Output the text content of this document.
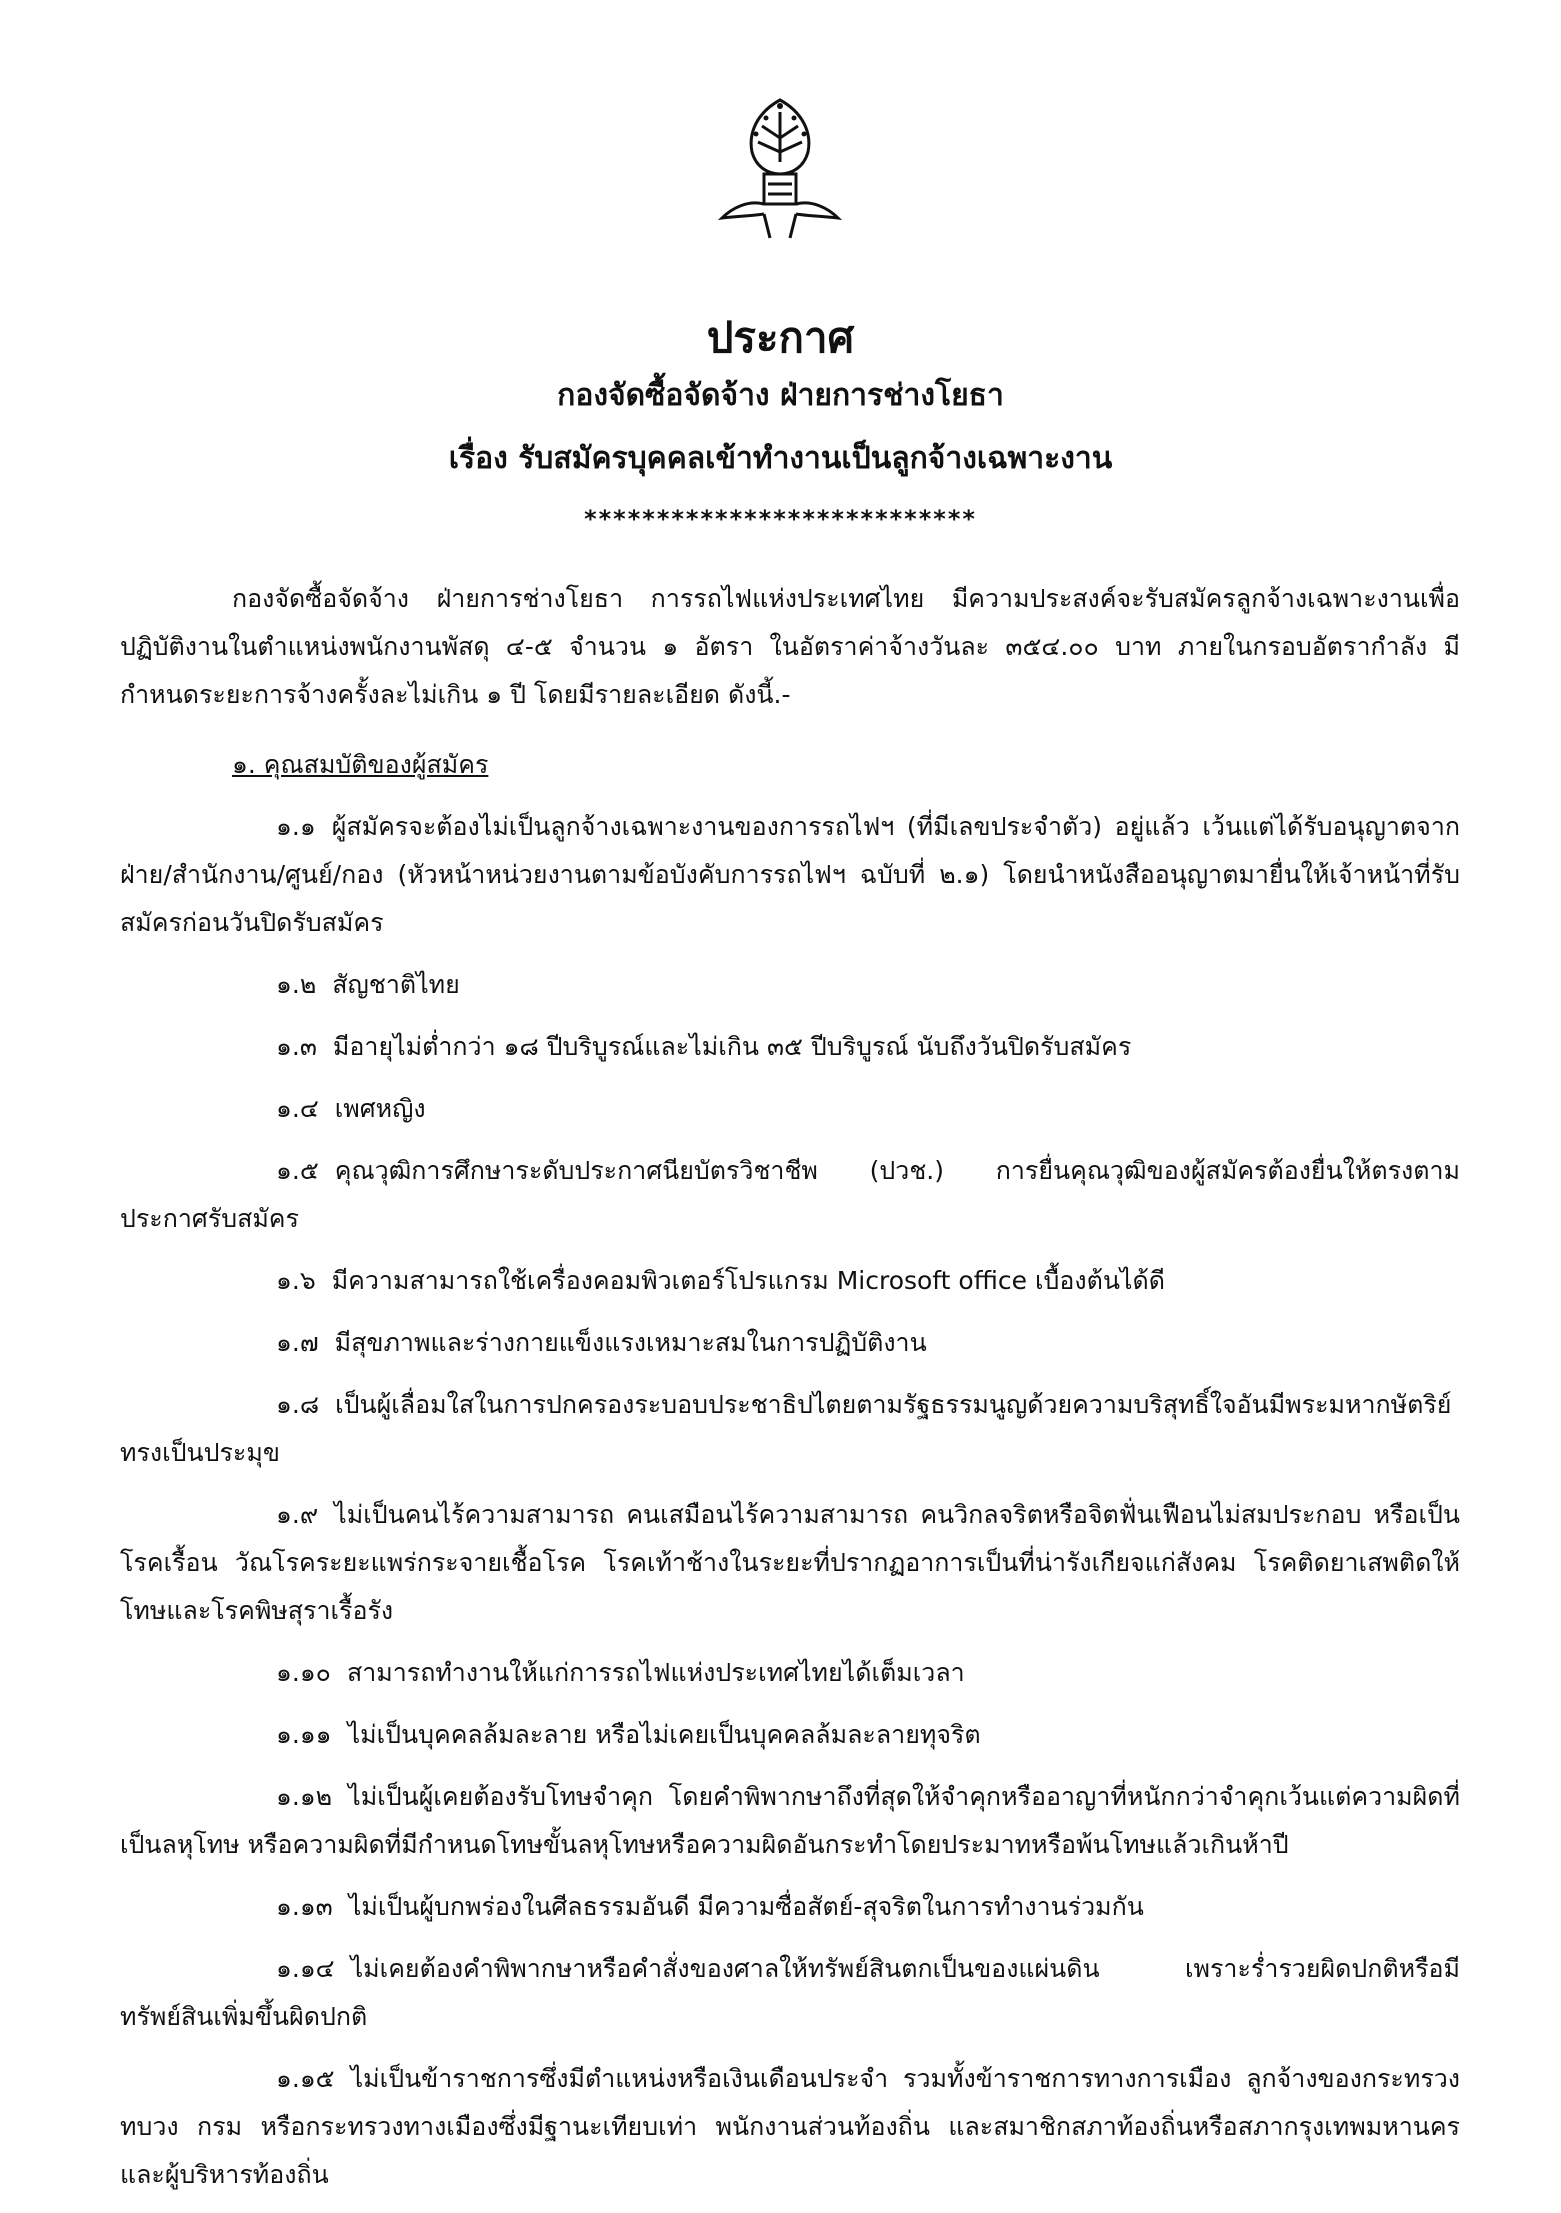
ประกาศ
กองจัดซื้อจัดจ้าง ฝ่ายการช่างโยธา
เรื่อง รับสมัครบุคคลเข้าทำงานเป็นลูกจ้างเฉพาะงาน
***************************

กองจัดซื้อจัดจ้าง ฝ่ายการช่างโยธา การรถไฟแห่งประเทศไทย มีความประสงค์จะรับสมัครลูกจ้างเฉพาะงานเพื่อปฏิบัติงานในตำแหน่งพนักงานพัสดุ ๔-๕ จำนวน ๑ อัตรา ในอัตราค่าจ้างวันละ ๓๕๔.๐๐ บาท ภายในกรอบอัตรากำลัง มีกำหนดระยะการจ้างครั้งละไม่เกิน ๑ ปี โดยมีรายละเอียด ดังนี้.-

๑. คุณสมบัติของผู้สมัคร
๑.๑ ผู้สมัครจะต้องไม่เป็นลูกจ้างเฉพาะงานของการรถไฟฯ (ที่มีเลขประจำตัว) อยู่แล้ว เว้นแต่ได้รับอนุญาตจากฝ่าย/สำนักงาน/ศูนย์/กอง (หัวหน้าหน่วยงานตามข้อบังคับการรถไฟฯ ฉบับที่ ๒.๑) โดยนำหนังสืออนุญาตมายื่นให้เจ้าหน้าที่รับสมัครก่อนวันปิดรับสมัคร
๑.๒ สัญชาติไทย
๑.๓ มีอายุไม่ต่ำกว่า ๑๘ ปีบริบูรณ์และไม่เกิน ๓๕ ปีบริบูรณ์ นับถึงวันปิดรับสมัคร
๑.๔ เพศหญิง
๑.๕ คุณวุฒิการศึกษาระดับประกาศนียบัตรวิชาชีพ (ปวช.) การยื่นคุณวุฒิของผู้สมัครต้องยื่นให้ตรงตามประกาศรับสมัคร
๑.๖ มีความสามารถใช้เครื่องคอมพิวเตอร์โปรแกรม Microsoft office เบื้องต้นได้ดี
๑.๗ มีสุขภาพและร่างกายแข็งแรงเหมาะสมในการปฏิบัติงาน
๑.๘ เป็นผู้เลื่อมใสในการปกครองระบอบประชาธิปไตยตามรัฐธรรมนูญด้วยความบริสุทธิ์ใจอันมีพระมหากษัตริย์ทรงเป็นประมุข
๑.๙ ไม่เป็นคนไร้ความสามารถ คนเสมือนไร้ความสามารถ คนวิกลจริตหรือจิตฟั่นเฟือนไม่สมประกอบ หรือเป็นโรคเรื้อน วัณโรคระยะแพร่กระจายเชื้อโรค โรคเท้าช้างในระยะที่ปรากฏอาการเป็นที่น่ารังเกียจแก่สังคม โรคติดยาเสพติดให้โทษและโรคพิษสุราเรื้อรัง
๑.๑๐ สามารถทำงานให้แก่การรถไฟแห่งประเทศไทยได้เต็มเวลา
๑.๑๑ ไม่เป็นบุคคลล้มละลาย หรือไม่เคยเป็นบุคคลล้มละลายทุจริต
๑.๑๒ ไม่เป็นผู้เคยต้องรับโทษจำคุก โดยคำพิพากษาถึงที่สุดให้จำคุกหรืออาญาที่หนักกว่าจำคุกเว้นแต่ความผิดที่เป็นลหุโทษ หรือความผิดที่มีกำหนดโทษขั้นลหุโทษหรือความผิดอันกระทำโดยประมาทหรือพ้นโทษแล้วเกินห้าปี
๑.๑๓ ไม่เป็นผู้บกพร่องในศีลธรรมอันดี มีความซื่อสัตย์-สุจริตในการทำงานร่วมกัน
๑.๑๔ ไม่เคยต้องคำพิพากษาหรือคำสั่งของศาลให้ทรัพย์สินตกเป็นของแผ่นดิน เพราะร่ำรวยผิดปกติหรือมีทรัพย์สินเพิ่มขึ้นผิดปกติ
๑.๑๕ ไม่เป็นข้าราชการซึ่งมีตำแหน่งหรือเงินเดือนประจำ รวมทั้งข้าราชการทางการเมือง ลูกจ้างของกระทรวง ทบวง กรม หรือกระทรวงทางเมืองซึ่งมีฐานะเทียบเท่า พนักงานส่วนท้องถิ่น และสมาชิกสภาท้องถิ่นหรือสภากรุงเทพมหานครและผู้บริหารท้องถิ่น
